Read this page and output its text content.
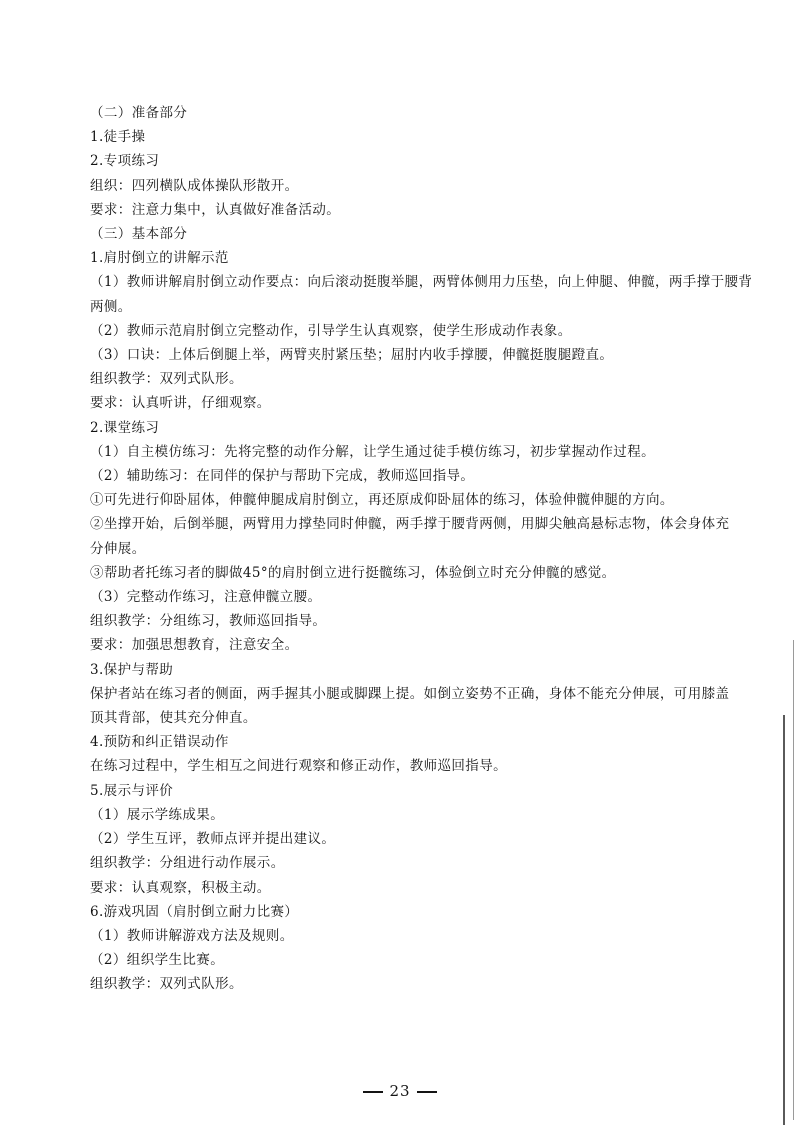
（二）准备部分
1.徒手操
2.专项练习
组织：四列横队成体操队形散开。
要求：注意力集中，认真做好准备活动。
（三）基本部分
1.肩肘倒立的讲解示范
（1）教师讲解肩肘倒立动作要点：向后滚动挺腹举腿，两臂体侧用力压垫，向上伸腿、伸髋，两手撑于腰背
两侧。
（2）教师示范肩肘倒立完整动作，引导学生认真观察，使学生形成动作表象。
（3）口诀：上体后倒腿上举，两臂夹肘紧压垫；屈肘内收手撑腰，伸髋挺腹腿蹬直。
组织教学：双列式队形。
要求：认真听讲，仔细观察。
2.课堂练习
（1）自主模仿练习：先将完整的动作分解，让学生通过徒手模仿练习，初步掌握动作过程。
（2）辅助练习：在同伴的保护与帮助下完成，教师巡回指导。
①可先进行仰卧屈体，伸髋伸腿成肩肘倒立，再还原成仰卧屈体的练习，体验伸髋伸腿的方向。
②坐撑开始，后倒举腿，两臂用力撑垫同时伸髋，两手撑于腰背两侧，用脚尖触高悬标志物，体会身体充
分伸展。
③帮助者托练习者的脚做45°的肩肘倒立进行挺髋练习，体验倒立时充分伸髋的感觉。
（3）完整动作练习，注意伸髋立腰。
组织教学：分组练习，教师巡回指导。
要求：加强思想教育，注意安全。
3.保护与帮助
保护者站在练习者的侧面，两手握其小腿或脚踝上提。如倒立姿势不正确，身体不能充分伸展，可用膝盖
顶其背部，使其充分伸直。
4.预防和纠正错误动作
在练习过程中，学生相互之间进行观察和修正动作，教师巡回指导。
5.展示与评价
（1）展示学练成果。
（2）学生互评，教师点评并提出建议。
组织教学：分组进行动作展示。
要求：认真观察，积极主动。
6.游戏巩固（肩肘倒立耐力比赛）
（1）教师讲解游戏方法及规则。
（2）组织学生比赛。
组织教学：双列式队形。
23
